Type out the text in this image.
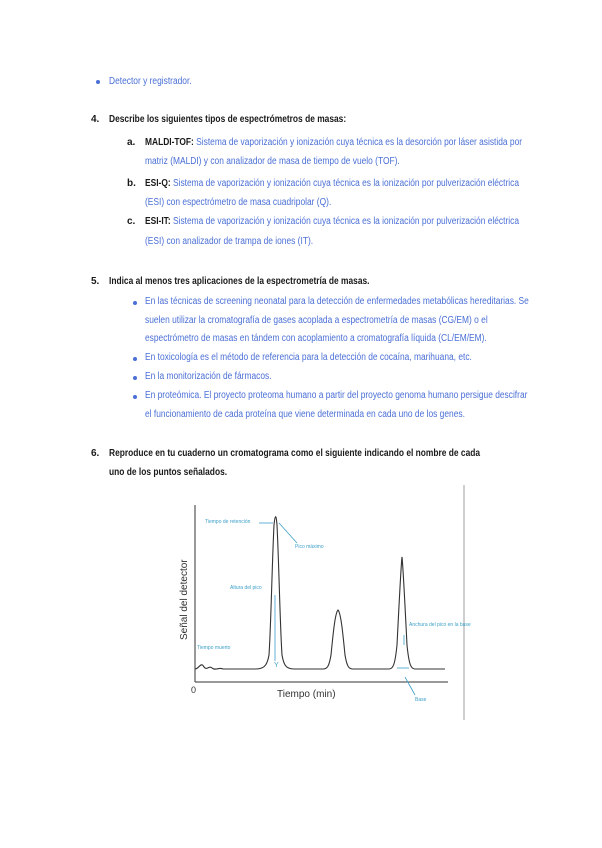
Detector y registrador.
4. Describe los siguientes tipos de espectrómetros de masas:
a. MALDI-TOF: Sistema de vaporización y ionización cuya técnica es la desorción por láser asistida por
matriz (MALDI) y con analizador de masa de tiempo de vuelo (TOF).
b. ESI-Q: Sistema de vaporización y ionización cuya técnica es la ionización por pulverización eléctrica
(ESI) con espectrómetro de masa cuadripolar (Q).
c. ESI-IT: Sistema de vaporización y ionización cuya técnica es la ionización por pulverización eléctrica
(ESI) con analizador de trampa de iones (IT).
5. Indica al menos tres aplicaciones de la espectrometría de masas.
En las técnicas de screening neonatal para la detección de enfermedades metabólicas hereditarias. Se
suelen utilizar la cromatografía de gases acoplada a espectrometría de masas (CG/EM) o el
espectrómetro de masas en tándem con acoplamiento a cromatografía líquida (CL/EM/EM).
En toxicología es el método de referencia para la detección de cocaína, marihuana, etc.
En la monitorización de fármacos.
En proteómica. El proyecto proteoma humano a partir del proyecto genoma humano persigue descifrar
el funcionamiento de cada proteína que viene determinada en cada uno de los genes.
6. Reproduce en tu cuaderno un cromatograma como el siguiente indicando el nombre de cada
uno de los puntos señalados.
Y
Tiempo de retención
Pico máximo
Altura del pico
Anchura del pico en la base
Tiempo muerto
Base
0	Tiempo (min)
Señal del detector
